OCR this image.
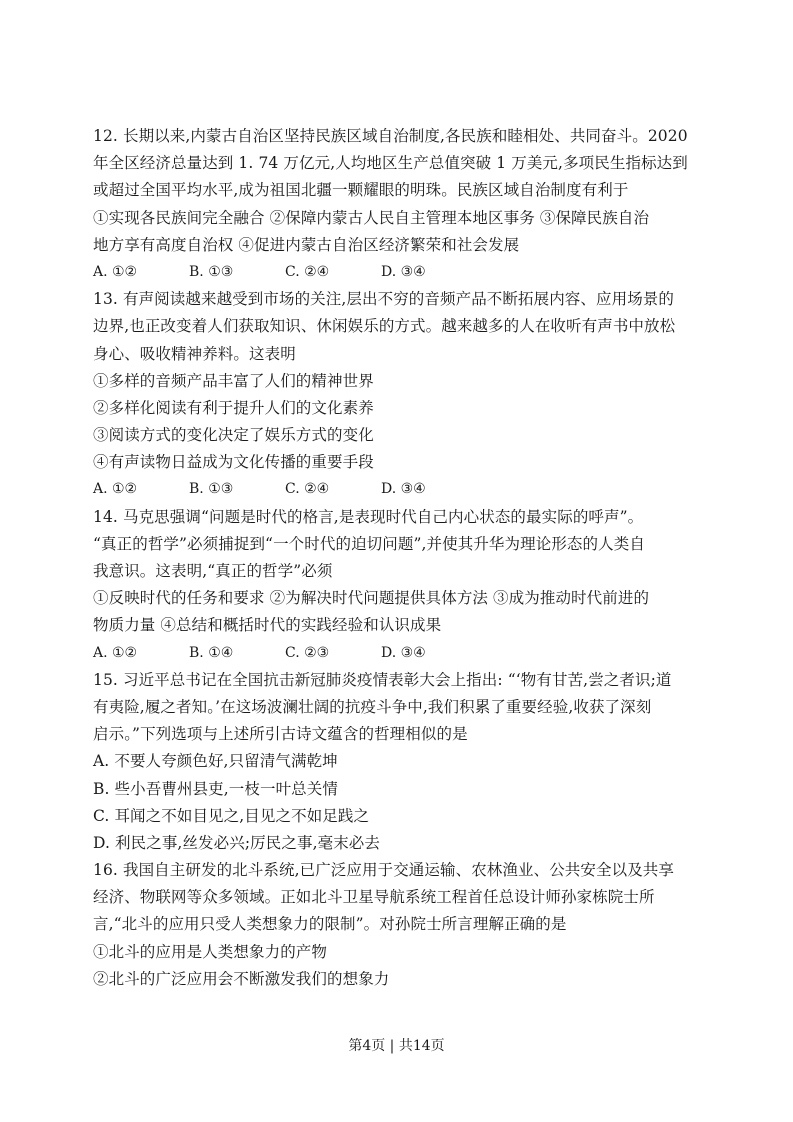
12. 长期以来,内蒙古自治区坚持民族区域自治制度,各民族和睦相处、共同奋斗。2020
年全区经济总量达到 1. 74 万亿元,人均地区生产总值突破 1 万美元,多项民生指标达到
或超过全国平均水平,成为祖国北疆一颗耀眼的明珠。民族区域自治制度有利于
①实现各民族间完全融合 ②保障内蒙古人民自主管理本地区事务 ③保障民族自治
地方享有高度自治权 ④促进内蒙古自治区经济繁荣和社会发展
A. ①②	B. ①③	C. ②④	D. ③④
13. 有声阅读越来越受到市场的关注,层出不穷的音频产品不断拓展内容、应用场景的
边界,也正改变着人们获取知识、休闲娱乐的方式。越来越多的人在收听有声书中放松
身心、吸收精神养料。这表明
①多样的音频产品丰富了人们的精神世界
②多样化阅读有利于提升人们的文化素养
③阅读方式的变化决定了娱乐方式的变化
④有声读物日益成为文化传播的重要手段
A. ①②	B. ①③	C. ②④	D. ③④
14. 马克思强调“问题是时代的格言,是表现时代自己内心状态的最实际的呼声”。
“真正的哲学”必须捕捉到“一个时代的迫切问题”,并使其升华为理论形态的人类自
我意识。这表明,“真正的哲学”必须
①反映时代的任务和要求 ②为解决时代问题提供具体方法 ③成为推动时代前进的
物质力量 ④总结和概括时代的实践经验和认识成果
A. ①②	B. ①④	C. ②③	D. ③④
15. 习近平总书记在全国抗击新冠肺炎疫情表彰大会上指出: “‘物有甘苦,尝之者识;道
有夷险,履之者知。’在这场波澜壮阔的抗疫斗争中,我们积累了重要经验,收获了深刻
启示。”下列选项与上述所引古诗文蕴含的哲理相似的是
A. 不要人夸颜色好,只留清气满乾坤
B. 些小吾曹州县吏,一枝一叶总关情
C. 耳闻之不如目见之,目见之不如足践之
D. 利民之事,丝发必兴;厉民之事,毫末必去
16. 我国自主研发的北斗系统,已广泛应用于交通运输、农林渔业、公共安全以及共享
经济、物联网等众多领域。正如北斗卫星导航系统工程首任总设计师孙家栋院士所
言,“北斗的应用只受人类想象力的限制”。对孙院士所言理解正确的是
①北斗的应用是人类想象力的产物
②北斗的广泛应用会不断激发我们的想象力
第4页 | 共14页
